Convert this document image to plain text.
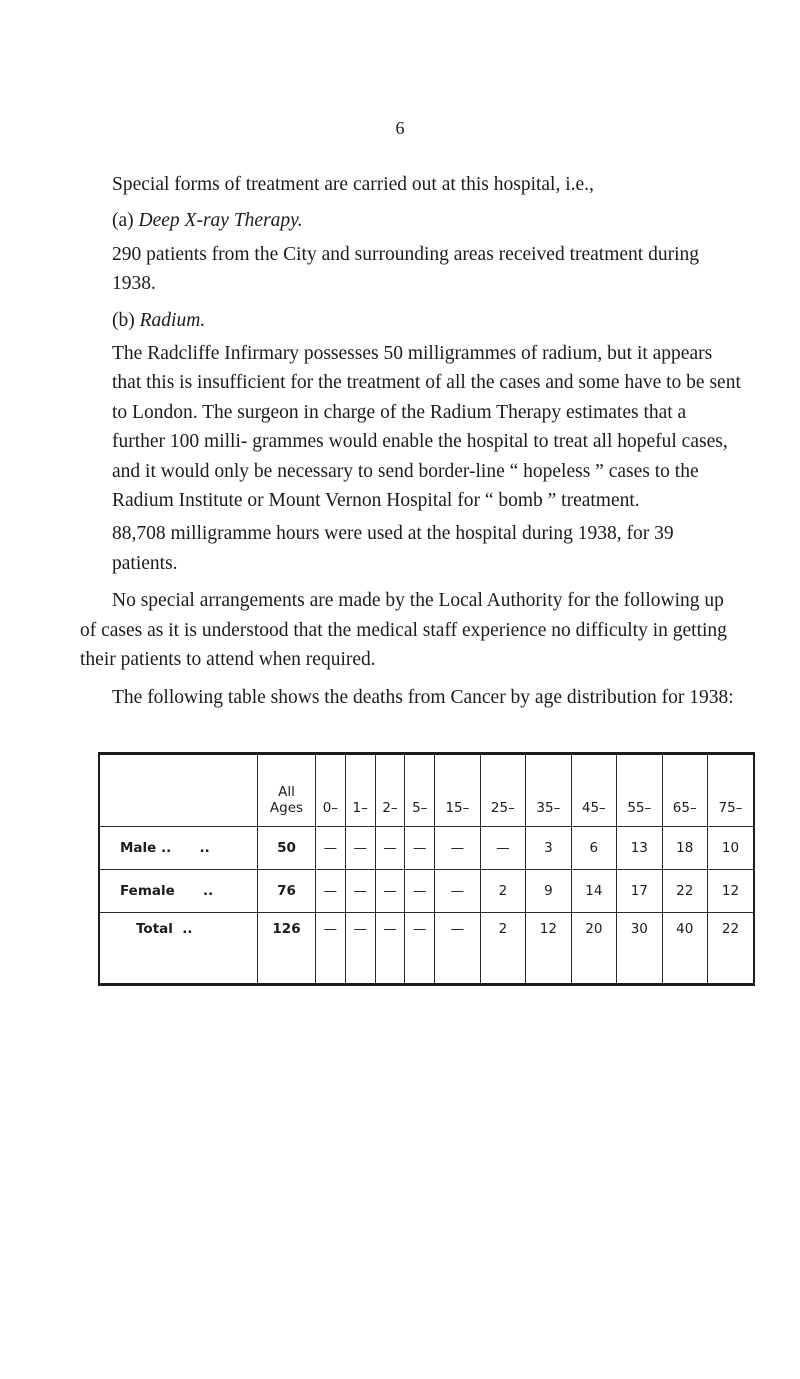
6

Special forms of treatment are carried out at this hospital, i.e.,

(a) Deep X-ray Therapy.

290 patients from the City and surrounding areas received treatment during 1938.

(b) Radium.

The Radcliffe Infirmary possesses 50 milligrammes of radium, but it appears that this is insufficient for the treatment of all the cases and some have to be sent to London. The surgeon in charge of the Radium Therapy estimates that a further 100 milli- grammes would enable the hospital to treat all hopeful cases, and it would only be necessary to send border-line “ hopeless ” cases to the Radium Institute or Mount Vernon Hospital for “ bomb ” treatment.

88,708 milligramme hours were used at the hospital during 1938, for 39 patients.

No special arrangements are made by the Local Authority for the following up of cases as it is understood that the medical staff experience no difficulty in getting their patients to attend when required.

The following table shows the deaths from Cancer by age distribution for 1938:

	All
Ages	0–	1–	2–	5–	15–	25–	35–	45–	55–	65–	75–
Male ..      ..	50	—	—	—	—	—	—	3	6	13	18	10
Female      ..	76	—	—	—	—	—	2	9	14	17	22	12
Total  ..	126	—	—	—	—	—	2	12	20	30	40	22
